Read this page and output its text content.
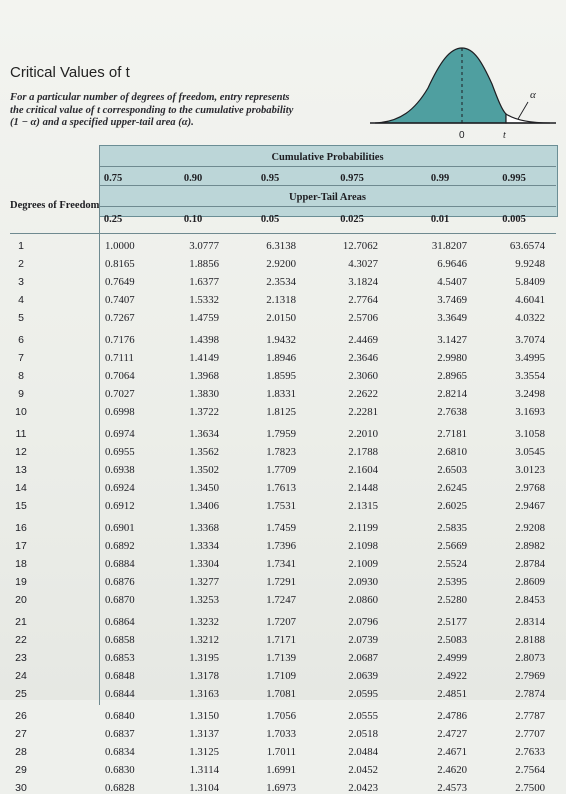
Critical Values of t
For a particular number of degrees of freedom, entry represents
the critical value of t corresponding to the cumulative probability
(1 − α) and a specified upper-tail area (α).
α
0	t
Cumulative Probabilities
Upper-Tail Areas
Degrees of Freedom
0.75	0.90	0.95	0.975	0.99	0.995
0.25	0.10	0.05	0.025	0.01	0.005
1	1.0000	3.0777	6.3138	12.7062	31.8207	63.6574
2	0.8165	1.8856	2.9200	4.3027	6.9646	9.9248
3	0.7649	1.6377	2.3534	3.1824	4.5407	5.8409
4	0.7407	1.5332	2.1318	2.7764	3.7469	4.6041
5	0.7267	1.4759	2.0150	2.5706	3.3649	4.0322
6	0.7176	1.4398	1.9432	2.4469	3.1427	3.7074
7	0.7111	1.4149	1.8946	2.3646	2.9980	3.4995
8	0.7064	1.3968	1.8595	2.3060	2.8965	3.3554
9	0.7027	1.3830	1.8331	2.2622	2.8214	3.2498
10	0.6998	1.3722	1.8125	2.2281	2.7638	3.1693
11	0.6974	1.3634	1.7959	2.2010	2.7181	3.1058
12	0.6955	1.3562	1.7823	2.1788	2.6810	3.0545
13	0.6938	1.3502	1.7709	2.1604	2.6503	3.0123
14	0.6924	1.3450	1.7613	2.1448	2.6245	2.9768
15	0.6912	1.3406	1.7531	2.1315	2.6025	2.9467
16	0.6901	1.3368	1.7459	2.1199	2.5835	2.9208
17	0.6892	1.3334	1.7396	2.1098	2.5669	2.8982
18	0.6884	1.3304	1.7341	2.1009	2.5524	2.8784
19	0.6876	1.3277	1.7291	2.0930	2.5395	2.8609
20	0.6870	1.3253	1.7247	2.0860	2.5280	2.8453
21	0.6864	1.3232	1.7207	2.0796	2.5177	2.8314
22	0.6858	1.3212	1.7171	2.0739	2.5083	2.8188
23	0.6853	1.3195	1.7139	2.0687	2.4999	2.8073
24	0.6848	1.3178	1.7109	2.0639	2.4922	2.7969
25	0.6844	1.3163	1.7081	2.0595	2.4851	2.7874
26	0.6840	1.3150	1.7056	2.0555	2.4786	2.7787
27	0.6837	1.3137	1.7033	2.0518	2.4727	2.7707
28	0.6834	1.3125	1.7011	2.0484	2.4671	2.7633
29	0.6830	1.3114	1.6991	2.0452	2.4620	2.7564
30	0.6828	1.3104	1.6973	2.0423	2.4573	2.7500
